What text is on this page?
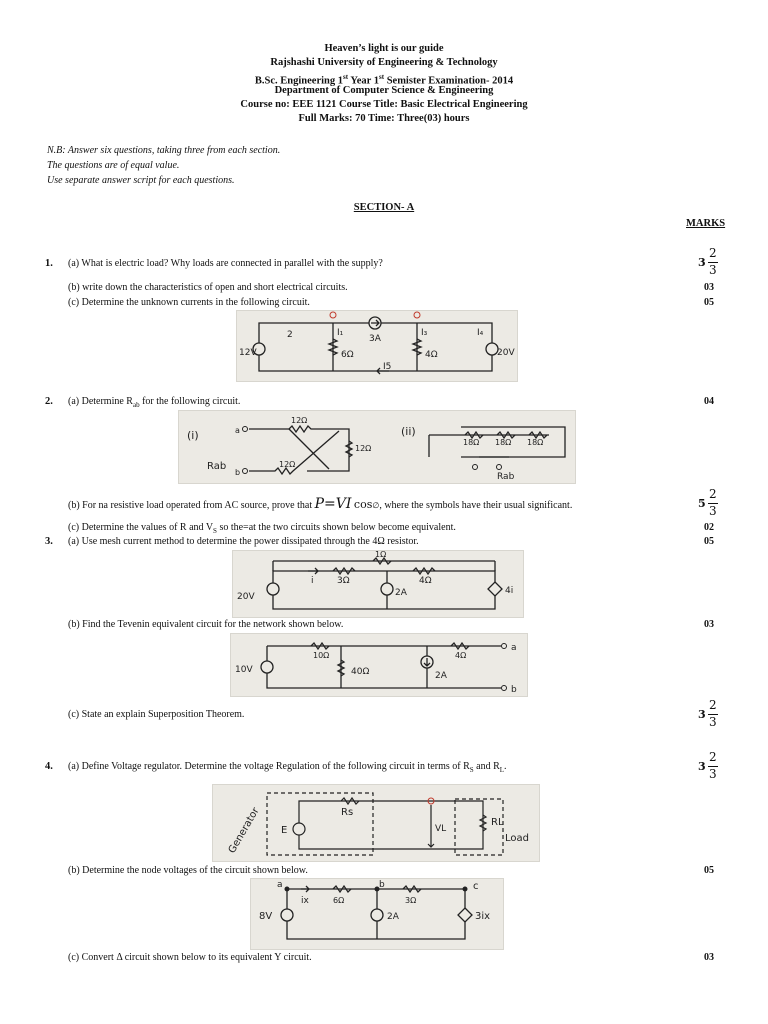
Heaven’s light is our guide
Rajshashi University of Engineering & Technology
B.Sc. Engineering 1st Year 1st Semister Examination- 2014
Department of Computer Science & Engineering
Course no: EEE 1121 Course Title: Basic Electrical Engineering
Full Marks: 70 Time: Three(03) hours
N.B: Answer six questions, taking three from each section.
The questions are of equal value.
Use separate answer script for each questions.
SECTION- A
MARKS
1. (a) What is electric load? Why loads are connected in parallel with the supply?	3
2
3
(b) write down the characteristics of open and short electrical circuits.	03
(c) Determine the unknown currents in the following circuit.	05
12V
2	I₁
6Ω
3A
I₃
4Ω
I₄
20V
I5
2. (a) Determine $R_{ab}$ for the following circuit.	04
(i)	(ii)
12Ω
12Ω
12Ω
Rab
a
b
18Ω 18Ω 18Ω
Rab
(b) For na resistive load operated from AC source, prove that P=VI cos∅, where the symbols have their usual significant.	5
2
3
(c) Determine the values of R and $V_S$ so the=at the two circuits shown below become equivalent.	02
3. (a) Use mesh current method to determine the power dissipated through the 4Ω resistor.	05
20V
i	3Ω
1Ω
2A
4Ω
4i
(b) Find the Tevenin equivalent circuit for the network shown below.	03
10V
10Ω
40Ω	2A
4Ω
a
b
(c) State an explain Superposition Theorem.	3
2
3
4. (a) Define Voltage regulator. Determine the voltage Regulation of the following circuit in terms of $R_S$ and $R_L$.	3
2
3
Generator E
Rs
VL
RL
Load
(b) Determine the node voltages of the circuit shown below.	05
a
ix	6Ω
b
3Ω
c
8V	2A	3ix
(c) Convert Δ circuit shown below to its equivalent Y circuit.	03
